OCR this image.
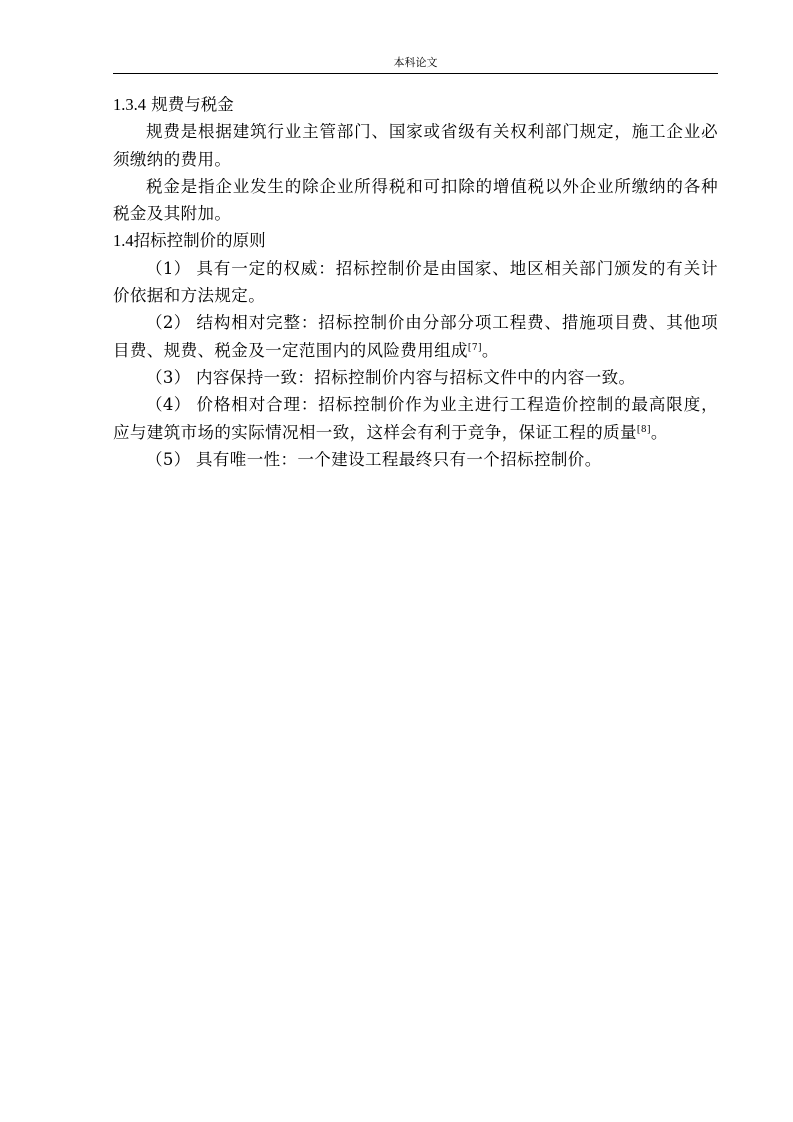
本科论文
1.3.4 规费与税金

规费是根据建筑行业主管部门、国家或省级有关权利部门规定，施工企业必须缴纳的费用。

税金是指企业发生的除企业所得税和可扣除的增值税以外企业所缴纳的各种税金及其附加。

1.4招标控制价的原则

（1） 具有一定的权威：招标控制价是由国家、地区相关部门颁发的有关计价依据和方法规定。

（2） 结构相对完整：招标控制价由分部分项工程费、措施项目费、其他项目费、规费、税金及一定范围内的风险费用组成[7]。

（3） 内容保持一致：招标控制价内容与招标文件中的内容一致。

（4） 价格相对合理：招标控制价作为业主进行工程造价控制的最高限度，应与建筑市场的实际情况相一致，这样会有利于竞争，保证工程的质量[8]。

（5） 具有唯一性：一个建设工程最终只有一个招标控制价。
